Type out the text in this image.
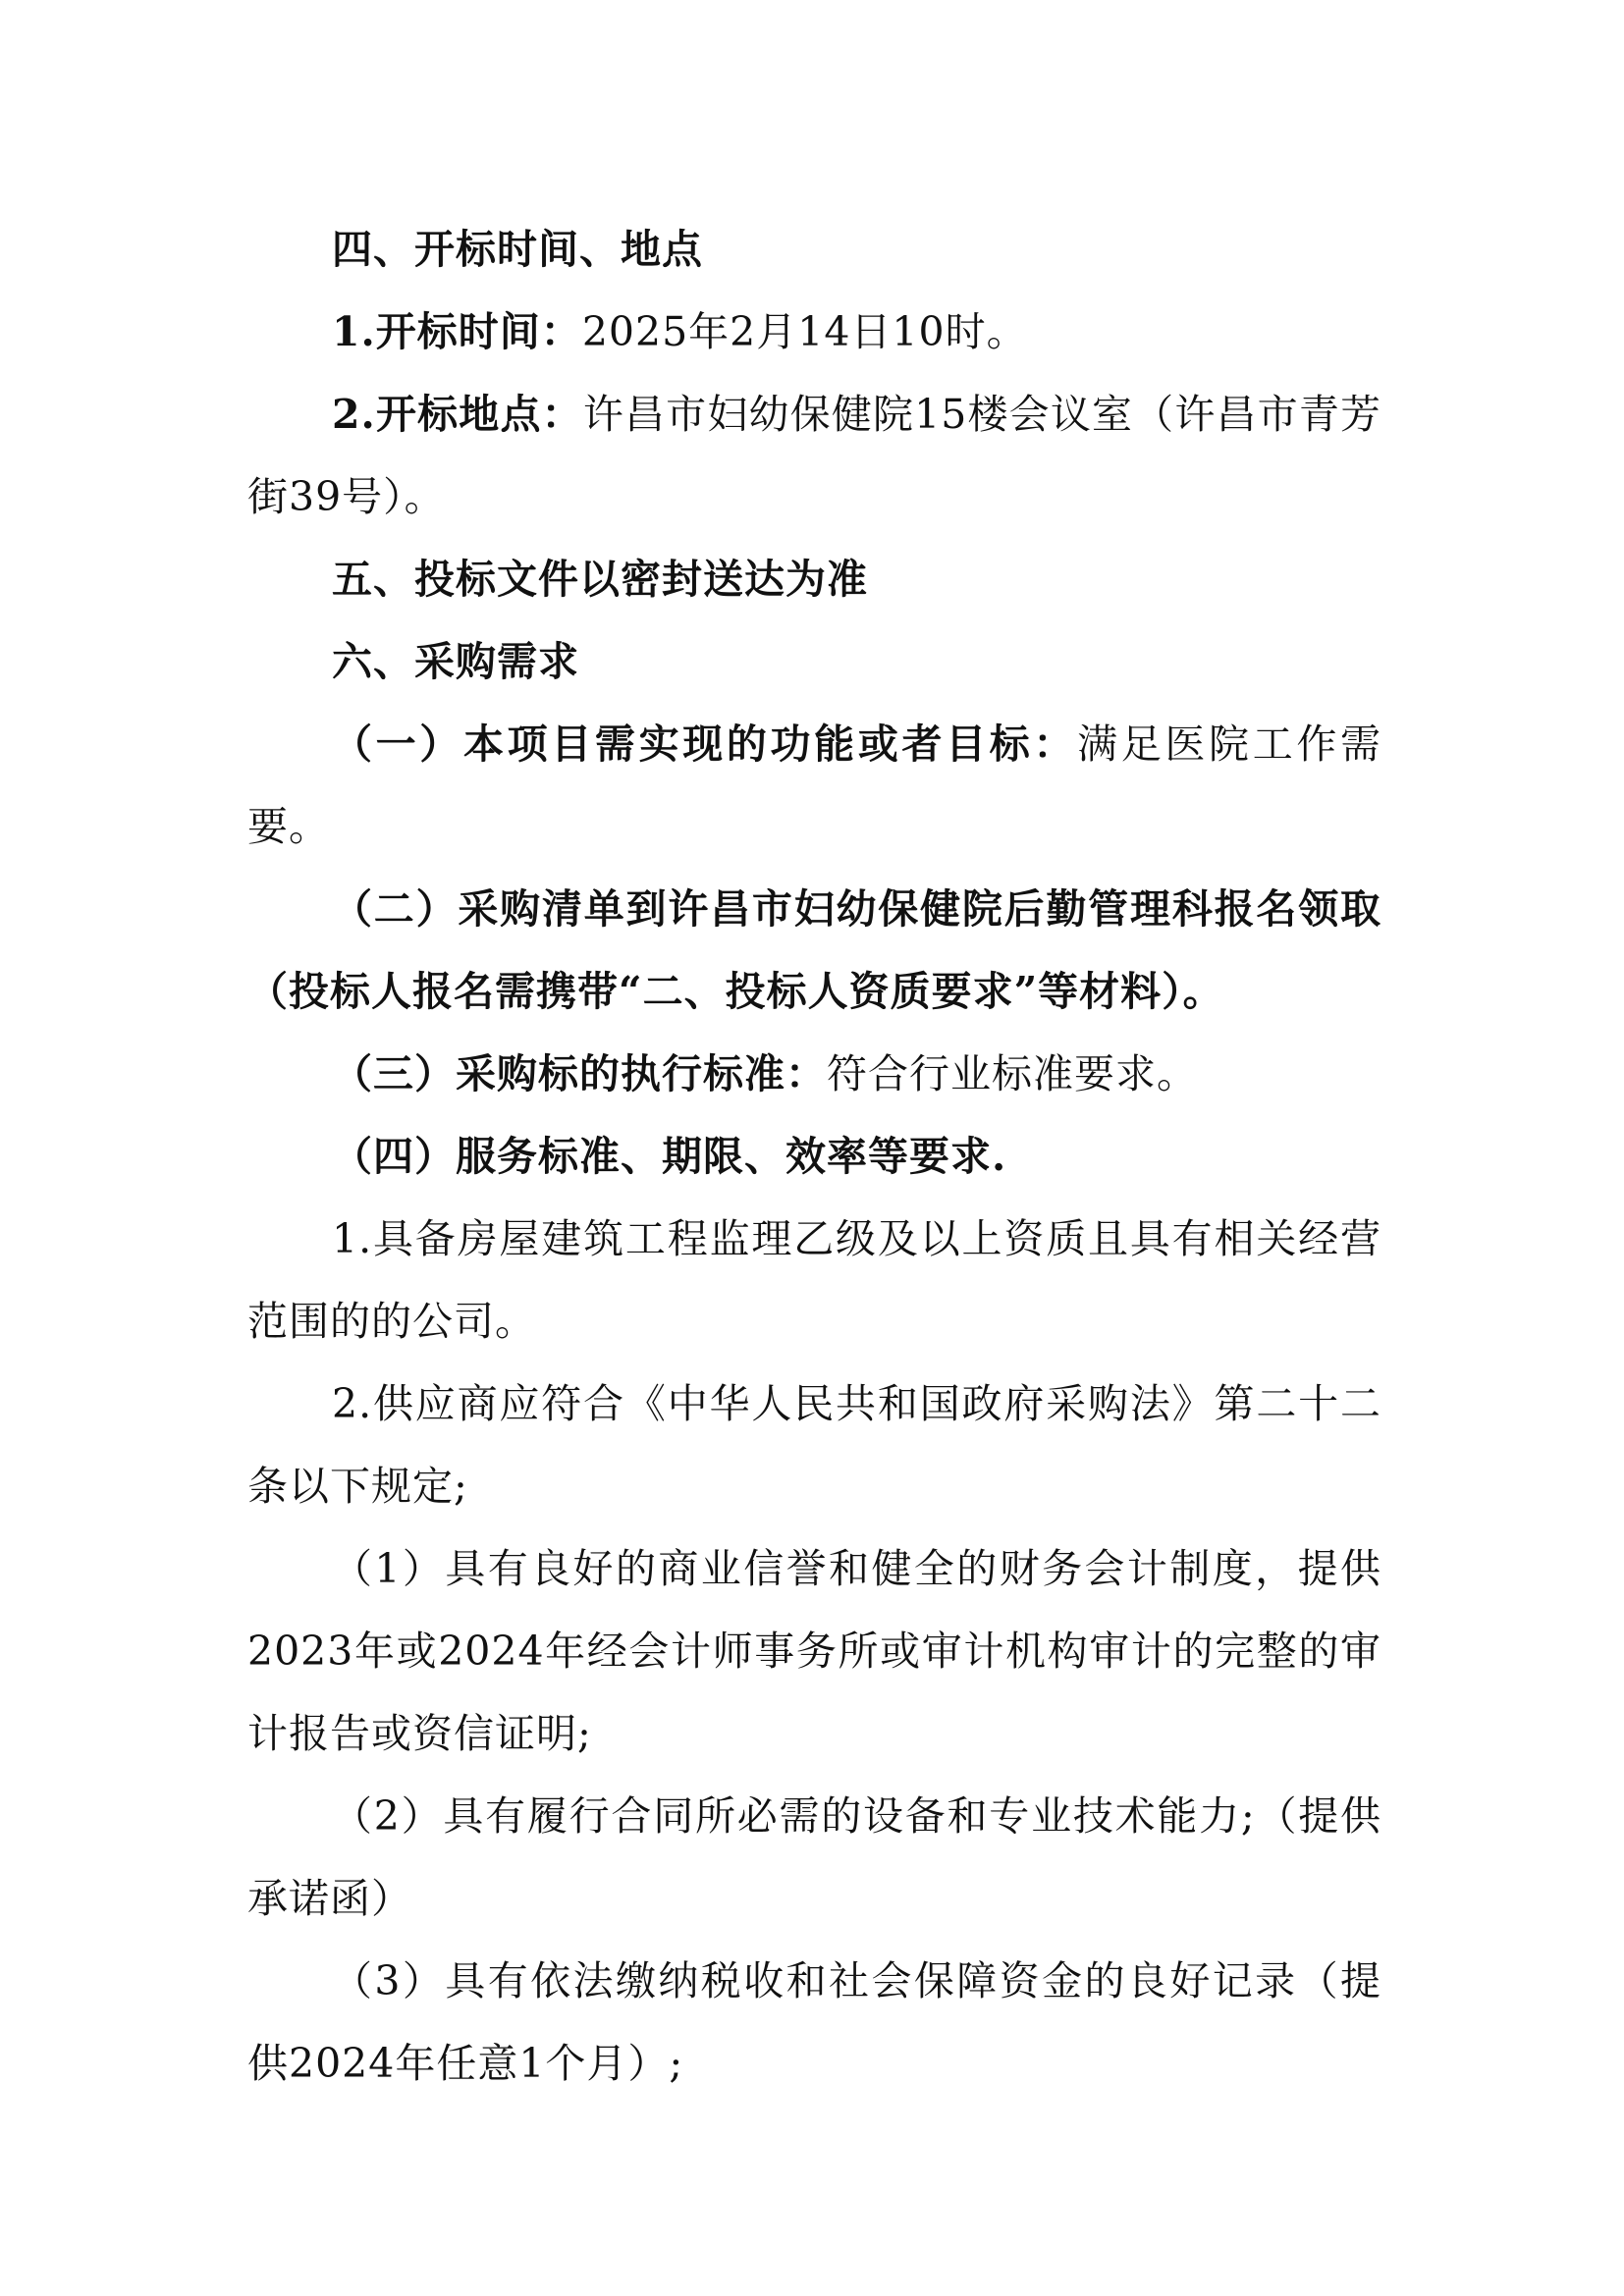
四、开标时间、地点

1.开标时间：2025年2月14日10时。

2.开标地点：许昌市妇幼保健院15楼会议室（许昌市青芳街39号）。

五、投标文件以密封送达为准

六、采购需求

（一）本项目需实现的功能或者目标：满足医院工作需要。

（二）采购清单到许昌市妇幼保健院后勤管理科报名领取（投标人报名需携带“二、投标人资质要求”等材料）。

（三）采购标的执行标准：符合行业标准要求。

（四）服务标准、期限、效率等要求.

1.具备房屋建筑工程监理乙级及以上资质且具有相关经营范围的的公司。

2.供应商应符合《中华人民共和国政府采购法》第二十二条以下规定;

（1）具有良好的商业信誉和健全的财务会计制度，提供2023年或2024年经会计师事务所或审计机构审计的完整的审计报告或资信证明;

（2）具有履行合同所必需的设备和专业技术能力;（提供承诺函）

（3）具有依法缴纳税收和社会保障资金的良好记录（提供2024年任意1个月）;
